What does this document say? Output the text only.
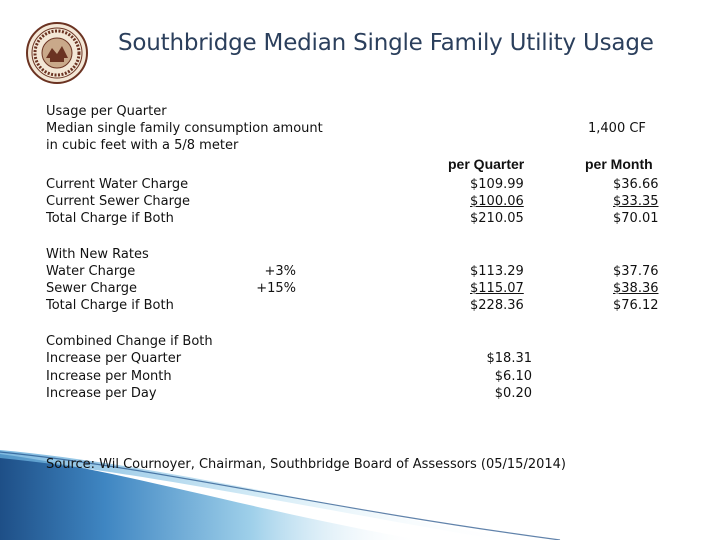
Southbridge Median Single Family Utility Usage
Usage per Quarter
Median single family consumption amount
in cubic feet with a 5/8 meter
1,400 CF
per Quarter	per Month
Current Water Charge
Current Sewer Charge
Total Charge if Both
$109.99
$100.06
$210.05
$36.66
$33.35
$70.01
With New Rates
Water Charge
Sewer Charge
Total Charge if Both
+3%
+15%
$113.29
$115.07
$228.36
$37.76
$38.36
$76.12
Combined Change if Both
Increase per Quarter
Increase per Month
Increase per Day
$18.31
$6.10
$0.20
Source: Wil Cournoyer, Chairman, Southbridge Board of Assessors (05/15/2014)
